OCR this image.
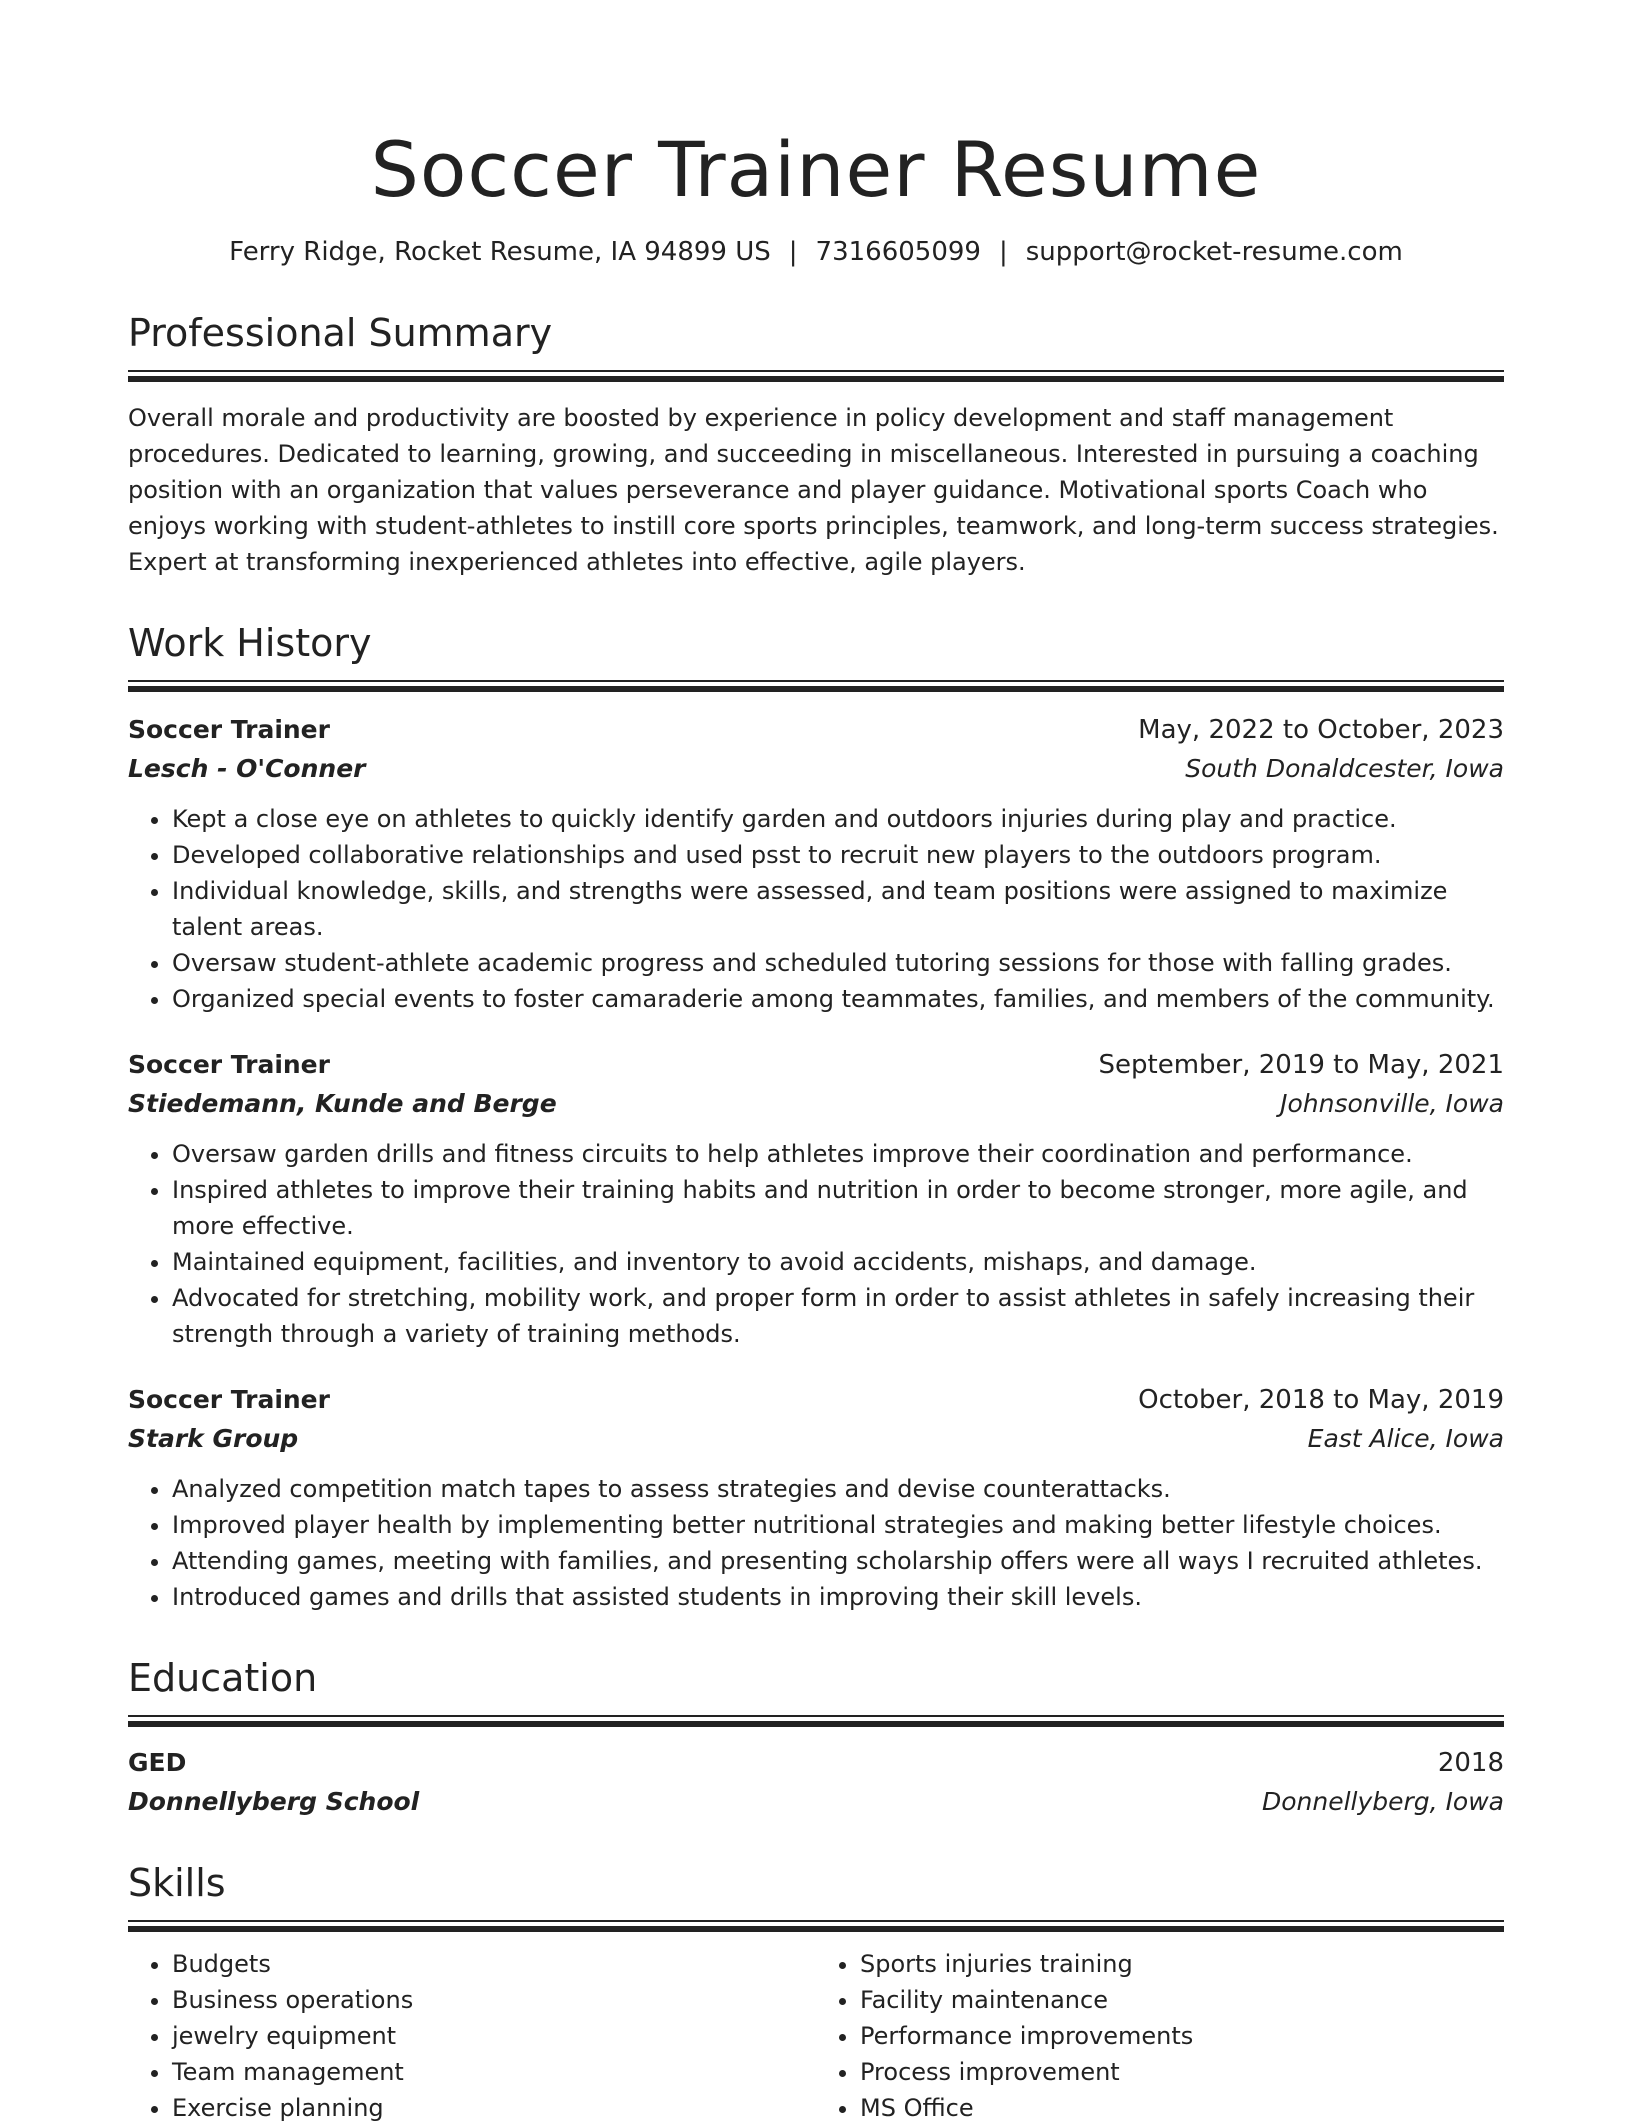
Soccer Trainer Resume
Ferry Ridge, Rocket Resume, IA 94899 US | 7316605099 | support@rocket-resume.com
Professional Summary

Overall morale and productivity are boosted by experience in policy development and staff management procedures. Dedicated to learning, growing, and succeeding in miscellaneous. Interested in pursuing a coaching position with an organization that values perseverance and player guidance. Motivational sports Coach who enjoys working with student-athletes to instill core sports principles, teamwork, and long-term success strategies. Expert at transforming inexperienced athletes into effective, agile players.

Work History
Soccer Trainer	May, 2022 to October, 2023
Lesch - O'Conner	South Donaldcester, Iowa
• Kept a close eye on athletes to quickly identify garden and outdoors injuries during play and practice.
• Developed collaborative relationships and used psst to recruit new players to the outdoors program.
• Individual knowledge, skills, and strengths were assessed, and team positions were assigned to maximize talent areas.
• Oversaw student-athlete academic progress and scheduled tutoring sessions for those with falling grades.
• Organized special events to foster camaraderie among teammates, families, and members of the community.
Soccer Trainer	September, 2019 to May, 2021
Stiedemann, Kunde and Berge	Johnsonville, Iowa
• Oversaw garden drills and fitness circuits to help athletes improve their coordination and performance.
• Inspired athletes to improve their training habits and nutrition in order to become stronger, more agile, and more effective.
• Maintained equipment, facilities, and inventory to avoid accidents, mishaps, and damage.
• Advocated for stretching, mobility work, and proper form in order to assist athletes in safely increasing their strength through a variety of training methods.
Soccer Trainer	October, 2018 to May, 2019
Stark Group	East Alice, Iowa
• Analyzed competition match tapes to assess strategies and devise counterattacks.
• Improved player health by implementing better nutritional strategies and making better lifestyle choices.
• Attending games, meeting with families, and presenting scholarship offers were all ways I recruited athletes.
• Introduced games and drills that assisted students in improving their skill levels.
Education
GED	2018
Donnellyberg School	Donnellyberg, Iowa
Skills
• Budgets
• Business operations
• jewelry equipment
• Team management
• Exercise planning
• Sports injuries training
• Facility maintenance
• Performance improvements
• Process improvement
• MS Office
